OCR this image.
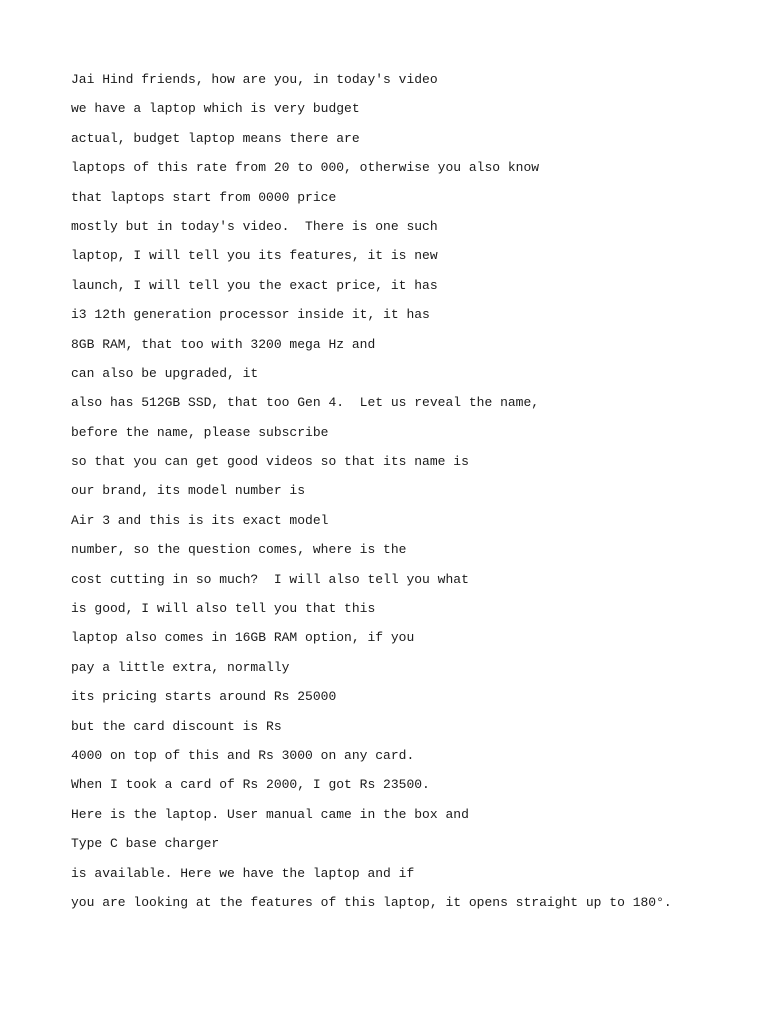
Jai Hind friends, how are you, in today's video
we have a laptop which is very budget
actual, budget laptop means there are
laptops of this rate from 20 to 000, otherwise you also know
that laptops start from 0000 price
mostly but in today's video.  There is one such
laptop, I will tell you its features, it is new
launch, I will tell you the exact price, it has
i3 12th generation processor inside it, it has
8GB RAM, that too with 3200 mega Hz and
can also be upgraded, it
also has 512GB SSD, that too Gen 4.  Let us reveal the name,
before the name, please subscribe
so that you can get good videos so that its name is
our brand, its model number is
Air 3 and this is its exact model
number, so the question comes, where is the
cost cutting in so much?  I will also tell you what
is good, I will also tell you that this
laptop also comes in 16GB RAM option, if you
pay a little extra, normally
its pricing starts around Rs 25000
but the card discount is Rs
4000 on top of this and Rs 3000 on any card.
When I took a card of Rs 2000, I got Rs 23500.
Here is the laptop. User manual came in the box and
Type C base charger
is available. Here we have the laptop and if
you are looking at the features of this laptop, it opens straight up to 180°.
